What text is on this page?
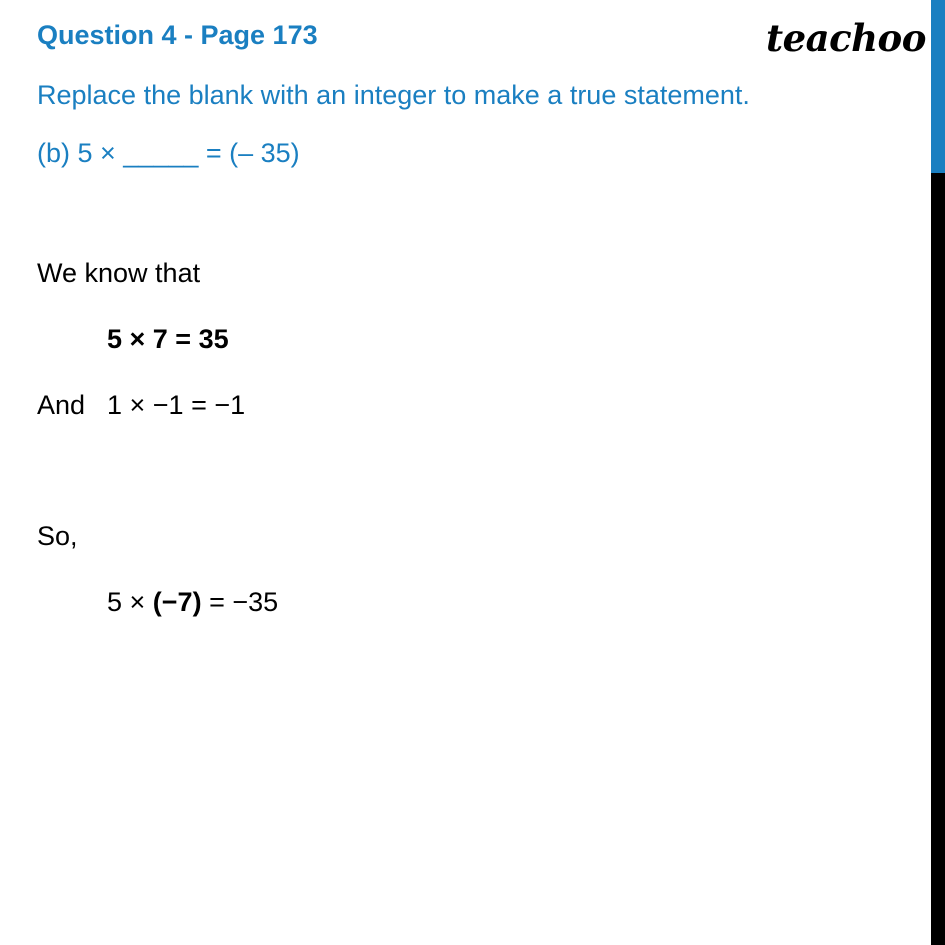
Question 4 - Page 173	teachoo
Replace the blank with an integer to make a true statement.
(b) 5 × _____ = (– 35)
We know that
5 × 7 = 35
And 1 × −1 = −1
So,
5 × (−7) = −35
